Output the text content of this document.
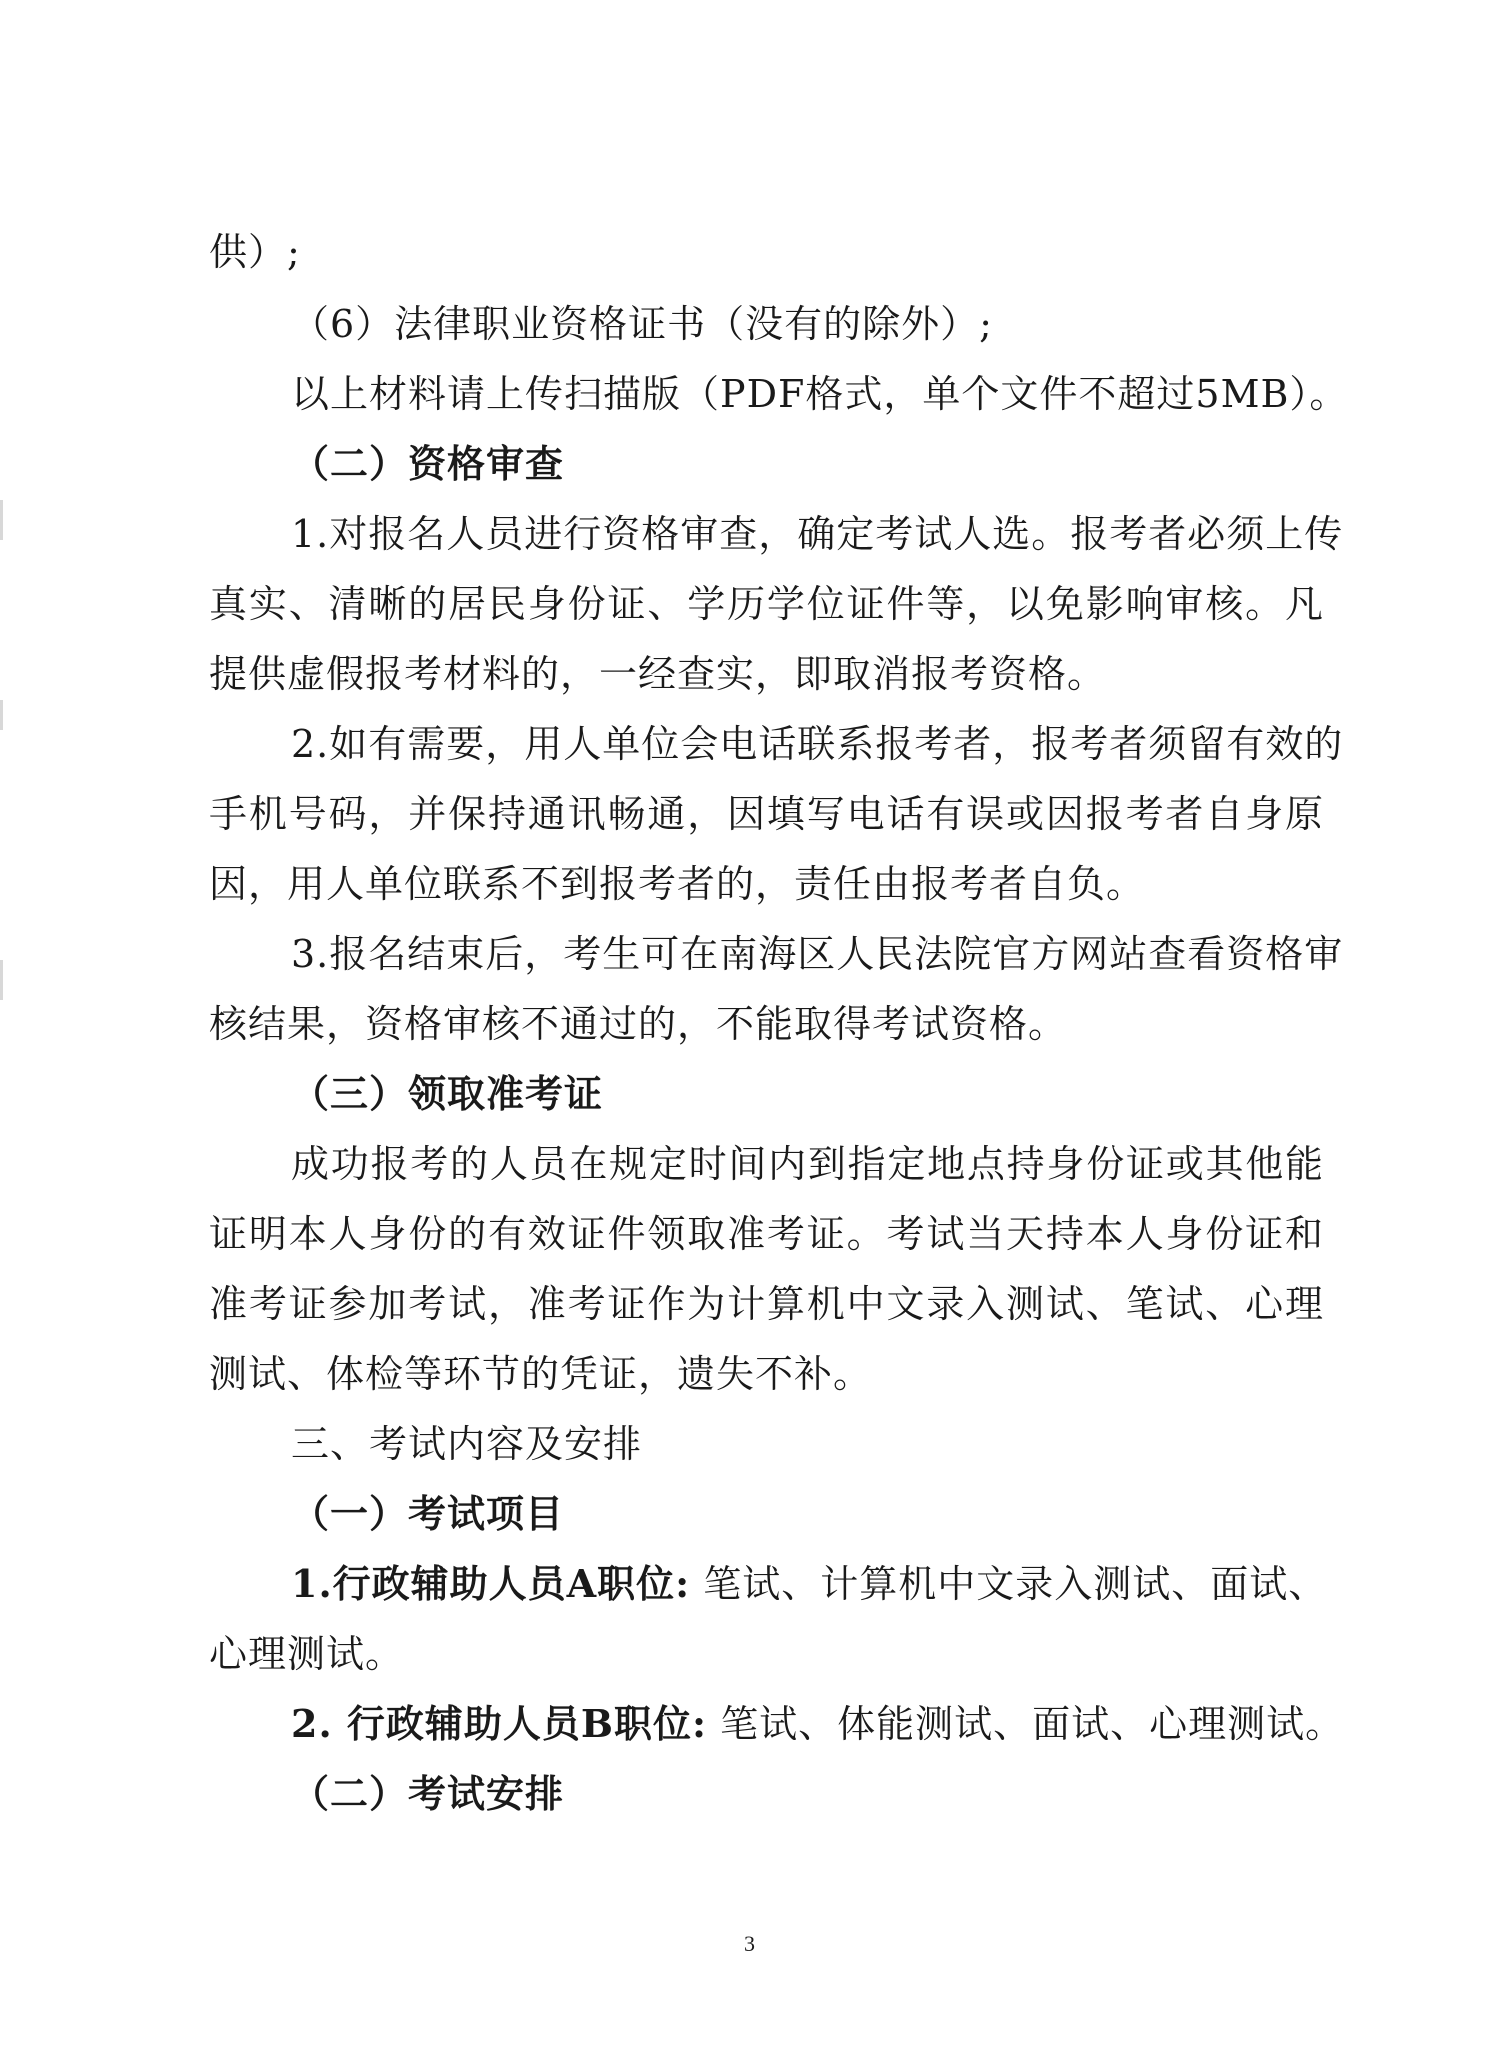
供）;
（6）法律职业资格证书（没有的除外）;
以上材料请上传扫描版（PDF格式，单个文件不超过5MB）。
（二）资格审查
1.对报名人员进行资格审查，确定考试人选。报考者必须上传
真实、清晰的居民身份证、学历学位证件等，以免影响审核。凡
提供虚假报考材料的，一经查实，即取消报考资格。
2.如有需要，用人单位会电话联系报考者，报考者须留有效的
手机号码，并保持通讯畅通，因填写电话有误或因报考者自身原
因，用人单位联系不到报考者的，责任由报考者自负。
3.报名结束后，考生可在南海区人民法院官方网站查看资格审
核结果，资格审核不通过的，不能取得考试资格。
（三）领取准考证
成功报考的人员在规定时间内到指定地点持身份证或其他能
证明本人身份的有效证件领取准考证。考试当天持本人身份证和
准考证参加考试，准考证作为计算机中文录入测试、笔试、心理
测试、体检等环节的凭证，遗失不补。
三、考试内容及安排
（一）考试项目
1.行政辅助人员A职位: 笔试、计算机中文录入测试、面试、
心理测试。
2. 行政辅助人员B职位: 笔试、体能测试、面试、心理测试。
（二）考试安排
3
